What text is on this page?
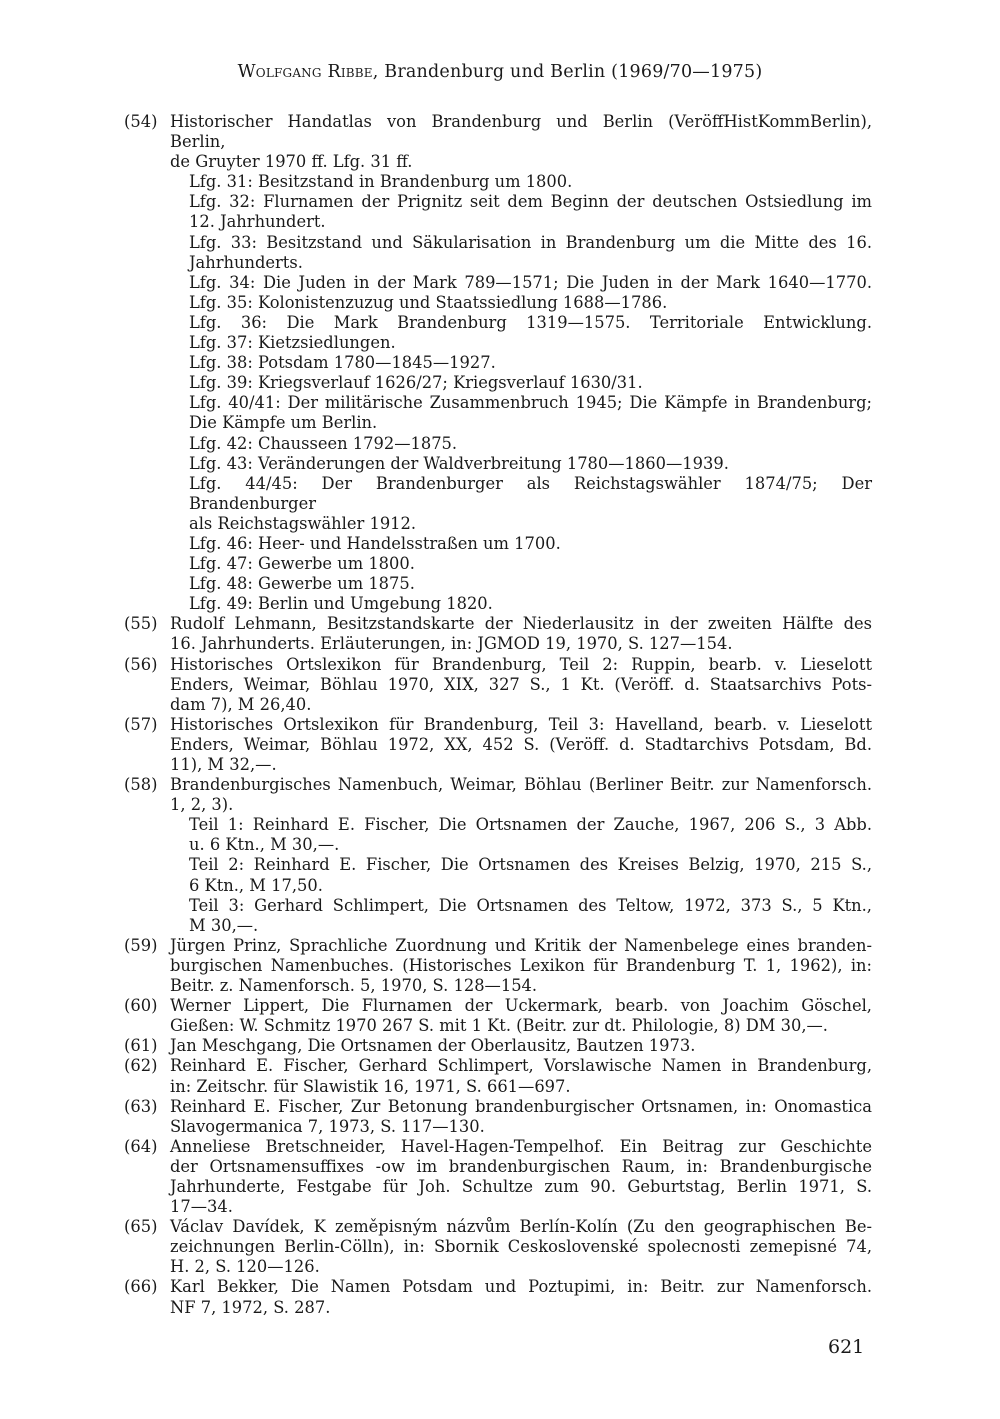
Wolfgang Ribbe, Brandenburg und Berlin (1969/70—1975)
(54) Historischer Handatlas von Brandenburg und Berlin (VeröffHistKommBerlin), Berlin,
de Gruyter 1970 ff. Lfg. 31 ff.
Lfg. 31: Besitzstand in Brandenburg um 1800.
Lfg. 32: Flurnamen der Prignitz seit dem Beginn der deutschen Ostsiedlung im
12. Jahrhundert.
Lfg. 33: Besitzstand und Säkularisation in Brandenburg um die Mitte des 16.
Jahrhunderts.
Lfg. 34: Die Juden in der Mark 789—1571; Die Juden in der Mark 1640—1770.
Lfg. 35: Kolonistenzuzug und Staatssiedlung 1688—1786.
Lfg. 36: Die Mark Brandenburg 1319—1575. Territoriale Entwicklung.
Lfg. 37: Kietzsiedlungen.
Lfg. 38: Potsdam 1780—1845—1927.
Lfg. 39: Kriegsverlauf 1626/27; Kriegsverlauf 1630/31.
Lfg. 40/41: Der militärische Zusammenbruch 1945; Die Kämpfe in Brandenburg;
Die Kämpfe um Berlin.
Lfg. 42: Chausseen 1792—1875.
Lfg. 43: Veränderungen der Waldverbreitung 1780—1860—1939.
Lfg. 44/45: Der Brandenburger als Reichstagswähler 1874/75; Der Brandenburger
als Reichstagswähler 1912.
Lfg. 46: Heer- und Handelsstraßen um 1700.
Lfg. 47: Gewerbe um 1800.
Lfg. 48: Gewerbe um 1875.
Lfg. 49: Berlin und Umgebung 1820.
(55) Rudolf Lehmann, Besitzstandskarte der Niederlausitz in der zweiten Hälfte des
16. Jahrhunderts. Erläuterungen, in: JGMOD 19, 1970, S. 127—154.
(56) Historisches Ortslexikon für Brandenburg, Teil 2: Ruppin, bearb. v. Lieselott
Enders, Weimar, Böhlau 1970, XIX, 327 S., 1 Kt. (Veröff. d. Staatsarchivs Pots-
dam 7), M 26,40.
(57) Historisches Ortslexikon für Brandenburg, Teil 3: Havelland, bearb. v. Lieselott
Enders, Weimar, Böhlau 1972, XX, 452 S. (Veröff. d. Stadtarchivs Potsdam, Bd.
11), M 32,—.
(58) Brandenburgisches Namenbuch, Weimar, Böhlau (Berliner Beitr. zur Namenforsch.
1, 2, 3).
Teil 1: Reinhard E. Fischer, Die Ortsnamen der Zauche, 1967, 206 S., 3 Abb.
u. 6 Ktn., M 30,—.
Teil 2: Reinhard E. Fischer, Die Ortsnamen des Kreises Belzig, 1970, 215 S.,
6 Ktn., M 17,50.
Teil 3: Gerhard Schlimpert, Die Ortsnamen des Teltow, 1972, 373 S., 5 Ktn.,
M 30,—.
(59) Jürgen Prinz, Sprachliche Zuordnung und Kritik der Namenbelege eines branden-
burgischen Namenbuches. (Historisches Lexikon für Brandenburg T. 1, 1962), in:
Beitr. z. Namenforsch. 5, 1970, S. 128—154.
(60) Werner Lippert, Die Flurnamen der Uckermark, bearb. von Joachim Göschel,
Gießen: W. Schmitz 1970 267 S. mit 1 Kt. (Beitr. zur dt. Philologie, 8) DM 30,—.
(61) Jan Meschgang, Die Ortsnamen der Oberlausitz, Bautzen 1973.
(62) Reinhard E. Fischer, Gerhard Schlimpert, Vorslawische Namen in Brandenburg,
in: Zeitschr. für Slawistik 16, 1971, S. 661—697.
(63) Reinhard E. Fischer, Zur Betonung brandenburgischer Ortsnamen, in: Onomastica
Slavogermanica 7, 1973, S. 117—130.
(64) Anneliese Bretschneider, Havel-Hagen-Tempelhof. Ein Beitrag zur Geschichte
der Ortsnamensuffixes -ow im brandenburgischen Raum, in: Brandenburgische
Jahrhunderte, Festgabe für Joh. Schultze zum 90. Geburtstag, Berlin 1971, S.
17—34.
(65) Václav Davídek, K zeměpisným názvům Berlín-Kolín (Zu den geographischen Be-
zeichnungen Berlin-Cölln), in: Sbornik Ceskoslovenské spolecnosti zemepisné 74,
H. 2, S. 120—126.
(66) Karl Bekker, Die Namen Potsdam und Poztupimi, in: Beitr. zur Namenforsch.
NF 7, 1972, S. 287.
621
